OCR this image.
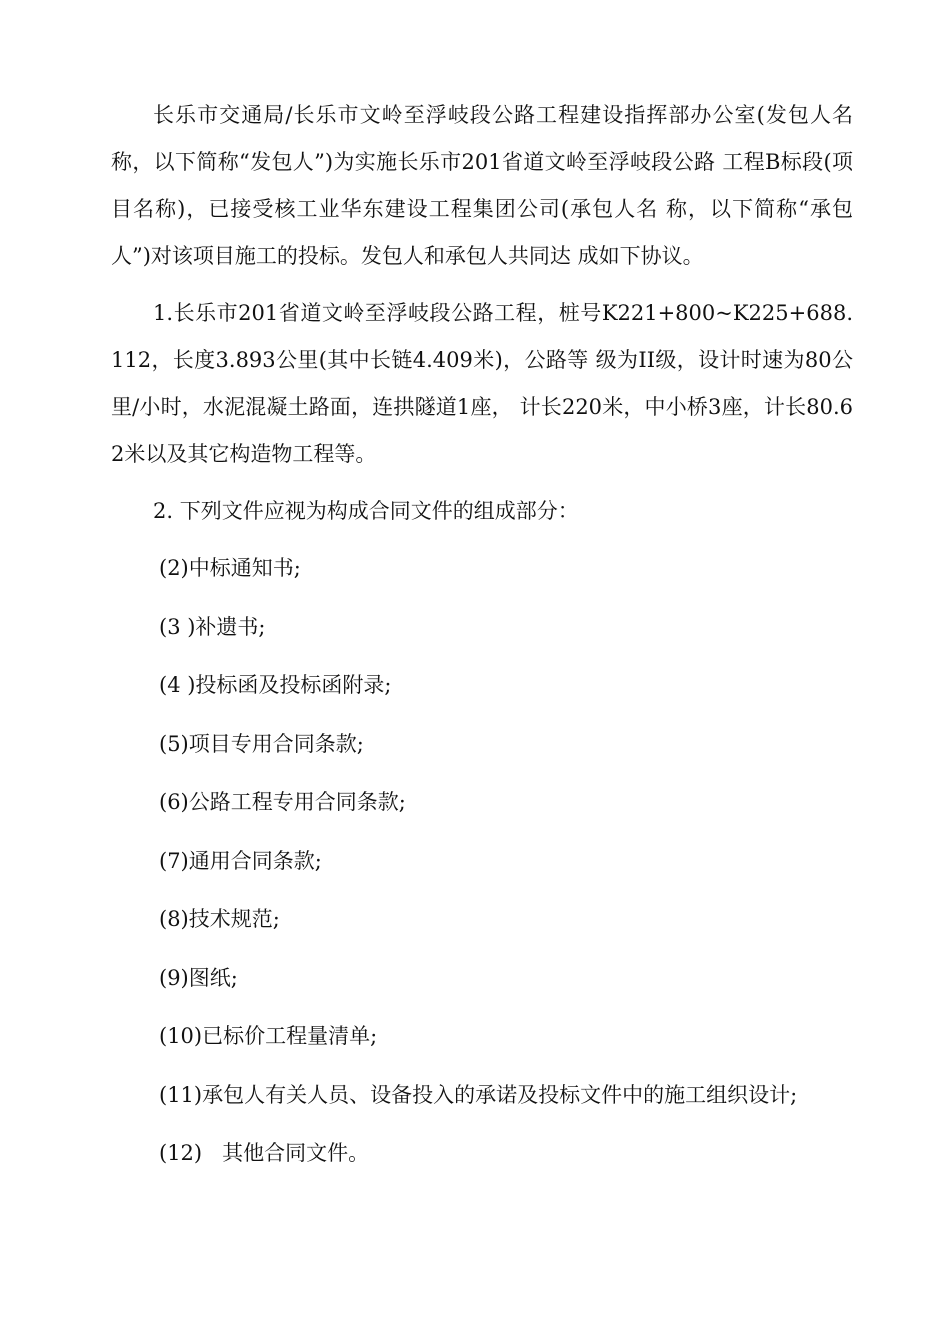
长乐市交通局/长乐市文岭至浮岐段公路工程建设指挥部办公室(发包人名称，以下简称“发包人”)为实施长乐市201省道文岭至浮岐段公路 工程B标段(项目名称)，已接受核工业华东建设工程集团公司(承包人名 称，以下简称“承包人”)对该项目施工的投标。发包人和承包人共同达 成如下协议。

1.长乐市201省道文岭至浮岐段公路工程，桩号K221+800~K225+688.112，长度3.893公里(其中长链4.409米)，公路等 级为II级，设计时速为80公里/小时，水泥混凝土路面，连拱隧道1座， 计长220米，中小桥3座，计长80.62米以及其它构造物工程等。

2. 下列文件应视为构成合同文件的组成部分：

(2)中标通知书;
(3 )补遗书;
(4 )投标函及投标函附录;
(5)项目专用合同条款;
(6)公路工程专用合同条款;
(7)通用合同条款;
(8)技术规范;
(9)图纸;
(10)已标价工程量清单;
(11)承包人有关人员、设备投入的承诺及投标文件中的施工组织设计;
(12) 其他合同文件。
